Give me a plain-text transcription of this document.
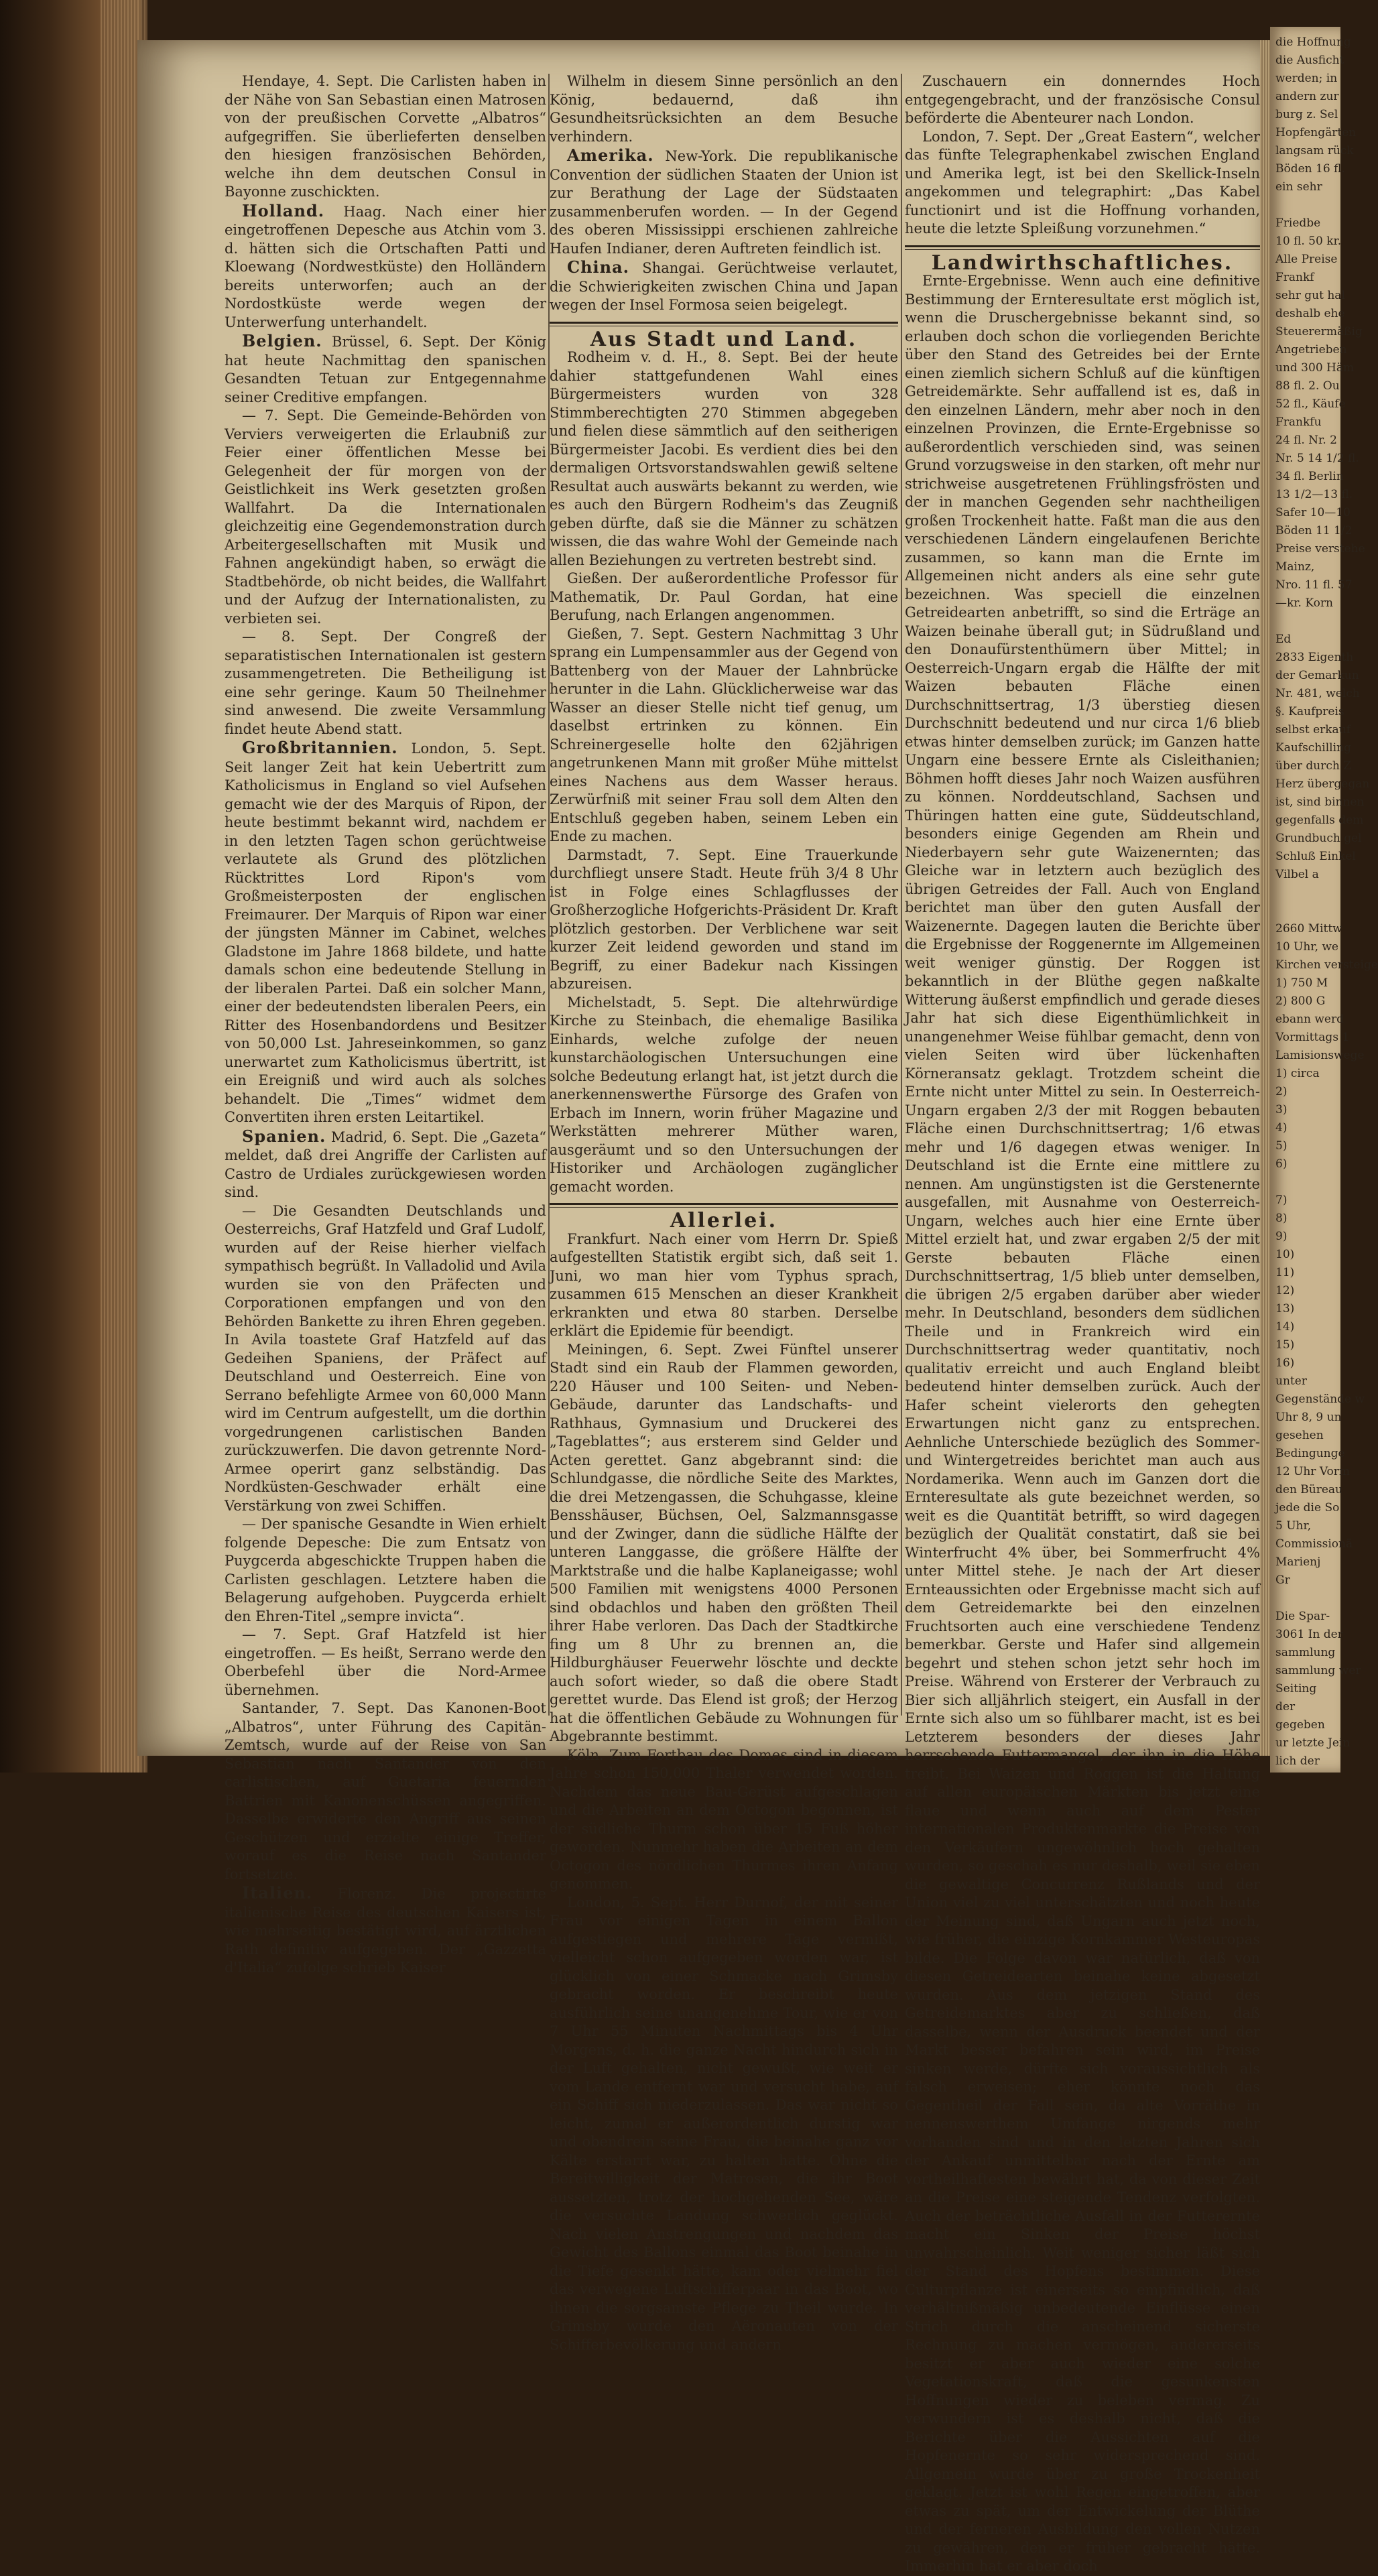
die Hoffnung
die Ausficht
werden; in
andern zur
burg z. Sel
Hopfengärten
langsam rück
Böden 16 fl.
ein sehr

Friedbe
10 fl. 50 kr.
Alle Preise
Frankf
sehr gut hal
deshalb ehe
Steuerermäßig
Angetrieben
und 300 Häm
88 fl. 2. Ou
52 fl., Käufe
Frankfu
24 fl. Nr. 2
Nr. 5 14 1/2 fl.
34 fl. Berlin
13 1/2—13 fl.
Safer 10—10
Böden 11 1/2
Preise verstehe
Mainz,
Nro. 11 fl. 57
—kr. Korn

Ed
2833 Eigenth
der Gemarkun
Nr. 481, welch
§. Kaufpreis
selbst erkauf
Kaufschilling
über durch Z
Herz übergegan
ist, sind binnen
gegenfalls dem
Grundbuch gel
Schluß Einkel
Vilbel a

2660 Mittw
10 Uhr, we
Kirchen versteige
1) 750 M
2) 800 G
ebann werd
Vormittags 1
Lamisionswege
1) circa
2)
3)
4)
5)
6)

7)
8)
9)
10)
11)
12)
13)
14)
15)
16)
unter
Gegenstände w
Uhr 8, 9 un
gesehen
Bedingunge
12 Uhr Vorm
den Büreau
jede die So
5 Uhr,
Commissionä
Marienj
Gr

Die Spar-
3061 In der
sammlung
sammlung wer
Seiting
der
gegeben
ur letzte Jein
lich der

Hendaye, 4. Sept. Die Carlisten haben in der Nähe von San Sebastian einen Matrosen von der preußischen Corvette „Albatros“ aufgegriffen. Sie überlieferten denselben den hiesigen französischen Behörden, welche ihn dem deutschen Consul in Bayonne zuschickten.

Holland. Haag. Nach einer hier eingetroffenen Depesche aus Atchin vom 3. d. hätten sich die Ortschaften Patti und Kloewang (Nordwestküste) den Holländern bereits unterworfen; auch an der Nordostküste werde wegen der Unterwerfung unterhandelt.

Belgien. Brüssel, 6. Sept. Der König hat heute Nachmittag den spanischen Gesandten Tetuan zur Entgegennahme seiner Creditive empfangen.

— 7. Sept. Die Gemeinde-Behörden von Verviers verweigerten die Erlaubniß zur Feier einer öffentlichen Messe bei Gelegenheit der für morgen von der Geistlichkeit ins Werk gesetzten großen Wallfahrt. Da die Internationalen gleichzeitig eine Gegendemonstration durch Arbeitergesellschaften mit Musik und Fahnen angekündigt haben, so erwägt die Stadtbehörde, ob nicht beides, die Wallfahrt und der Aufzug der Internationalisten, zu verbieten sei.

— 8. Sept. Der Congreß der separatistischen Internationalen ist gestern zusammengetreten. Die Betheiligung ist eine sehr geringe. Kaum 50 Theilnehmer sind anwesend. Die zweite Versammlung findet heute Abend statt.

Großbritannien. London, 5. Sept. Seit langer Zeit hat kein Uebertritt zum Katholicismus in England so viel Aufsehen gemacht wie der des Marquis of Ripon, der heute bestimmt bekannt wird, nachdem er in den letzten Tagen schon gerüchtweise verlautete als Grund des plötzlichen Rücktrittes Lord Ripon's vom Großmeisterposten der englischen Freimaurer. Der Marquis of Ripon war einer der jüngsten Männer im Cabinet, welches Gladstone im Jahre 1868 bildete, und hatte damals schon eine bedeutende Stellung in der liberalen Partei. Daß ein solcher Mann, einer der bedeutendsten liberalen Peers, ein Ritter des Hosenbandordens und Besitzer von 50,000 Lst. Jahreseinkommen, so ganz unerwartet zum Katholicismus übertritt, ist ein Ereigniß und wird auch als solches behandelt. Die „Times“ widmet dem Convertiten ihren ersten Leitartikel.

Spanien. Madrid, 6. Sept. Die „Gazeta“ meldet, daß drei Angriffe der Carlisten auf Castro de Urdiales zurückgewiesen worden sind.

— Die Gesandten Deutschlands und Oesterreichs, Graf Hatzfeld und Graf Ludolf, wurden auf der Reise hierher vielfach sympathisch begrüßt. In Valladolid und Avila wurden sie von den Präfecten und Corporationen empfangen und von den Behörden Bankette zu ihren Ehren gegeben. In Avila toastete Graf Hatzfeld auf das Gedeihen Spaniens, der Präfect auf Deutschland und Oesterreich. Eine von Serrano befehligte Armee von 60,000 Mann wird im Centrum aufgestellt, um die dorthin vorgedrungenen carlistischen Banden zurückzuwerfen. Die davon getrennte Nord-Armee operirt ganz selbständig. Das Nordküsten-Geschwader erhält eine Verstärkung von zwei Schiffen.

— Der spanische Gesandte in Wien erhielt folgende Depesche: Die zum Entsatz von Puygcerda abgeschickte Truppen haben die Carlisten geschlagen. Letztere haben die Belagerung aufgehoben. Puygcerda erhielt den Ehren-Titel „sempre invicta“.

— 7. Sept. Graf Hatzfeld ist hier eingetroffen. — Es heißt, Serrano werde den Oberbefehl über die Nord-Armee übernehmen.

Santander, 7. Sept. Das Kanonen-Boot „Albatros“, unter Führung des Capitän-Zemtsch, wurde auf der Reise von San Sebastian nach Santander von den carlistischen, auf Guetaria feuernden Battrien mit Kanonenschüssen angegriffen. Dasselbe erwiderte den Angriff aus seinen Geschützen und erzielte einige Treffer, worauf es die Reise nach Santander fortsetzte.

Italien. Florenz. Die projectirte italienische Reise des deutschen Kaisers ist, wie mehrseitig bestätigt wird, auf ärztlichen Rath definitiv aufgegeben. Der „Gazzetta d'Italia“ zufolge schrieb Kaiser

Wilhelm in diesem Sinne persönlich an den König, bedauernd, daß ihn Gesundheitsrücksichten an dem Besuche verhindern.

Amerika. New-York. Die republikanische Convention der südlichen Staaten der Union ist zur Berathung der Lage der Südstaaten zusammenberufen worden. — In der Gegend des oberen Mississippi erschienen zahlreiche Haufen Indianer, deren Auftreten feindlich ist.

China. Shangai. Gerüchtweise verlautet, die Schwierigkeiten zwischen China und Japan wegen der Insel Formosa seien beigelegt.

Aus Stadt und Land.

Rodheim v. d. H., 8. Sept. Bei der heute dahier stattgefundenen Wahl eines Bürgermeisters wurden von 328 Stimmberechtigten 270 Stimmen abgegeben und fielen diese sämmtlich auf den seitherigen Bürgermeister Jacobi. Es verdient dies bei den dermaligen Ortsvorstandswahlen gewiß seltene Resultat auch auswärts bekannt zu werden, wie es auch den Bürgern Rodheim's das Zeugniß geben dürfte, daß sie die Männer zu schätzen wissen, die das wahre Wohl der Gemeinde nach allen Beziehungen zu vertreten bestrebt sind.

Gießen. Der außerordentliche Professor für Mathematik, Dr. Paul Gordan, hat eine Berufung, nach Erlangen angenommen.

Gießen, 7. Sept. Gestern Nachmittag 3 Uhr sprang ein Lumpensammler aus der Gegend von Battenberg von der Mauer der Lahnbrücke herunter in die Lahn. Glücklicherweise war das Wasser an dieser Stelle nicht tief genug, um daselbst ertrinken zu können. Ein Schreinergeselle holte den 62jährigen angetrunkenen Mann mit großer Mühe mittelst eines Nachens aus dem Wasser heraus. Zerwürfniß mit seiner Frau soll dem Alten den Entschluß gegeben haben, seinem Leben ein Ende zu machen.

Darmstadt, 7. Sept. Eine Trauerkunde durchfliegt unsere Stadt. Heute früh 3/4 8 Uhr ist in Folge eines Schlagflusses der Großherzogliche Hofgerichts-Präsident Dr. Kraft plötzlich gestorben. Der Verblichene war seit kurzer Zeit leidend geworden und stand im Begriff, zu einer Badekur nach Kissingen abzureisen.

Michelstadt, 5. Sept. Die altehrwürdige Kirche zu Steinbach, die ehemalige Basilika Einhards, welche zufolge der neuen kunstarchäologischen Untersuchungen eine solche Bedeutung erlangt hat, ist jetzt durch die anerkennenswerthe Fürsorge des Grafen von Erbach im Innern, worin früher Magazine und Werkstätten mehrerer Müther waren, ausgeräumt und so den Untersuchungen der Historiker und Archäologen zugänglicher gemacht worden.

Allerlei.

Frankfurt. Nach einer vom Herrn Dr. Spieß aufgestellten Statistik ergibt sich, daß seit 1. Juni, wo man hier vom Typhus sprach, zusammen 615 Menschen an dieser Krankheit erkrankten und etwa 80 starben. Derselbe erklärt die Epidemie für beendigt.

Meiningen, 6. Sept. Zwei Fünftel unserer Stadt sind ein Raub der Flammen geworden, 220 Häuser und 100 Seiten- und Neben-Gebäude, darunter das Landschafts- und Rathhaus, Gymnasium und Druckerei des „Tageblattes“; aus ersterem sind Gelder und Acten gerettet. Ganz abgebrannt sind: die Schlundgasse, die nördliche Seite des Marktes, die drei Metzengassen, die Schuhgasse, kleine Bensshäuser, Büchsen, Oel, Salzmannsgasse und der Zwinger, dann die südliche Hälfte der unteren Langgasse, die größere Hälfte der Marktstraße und die halbe Kaplaneigasse; wohl 500 Familien mit wenigstens 4000 Personen sind obdachlos und haben den größten Theil ihrer Habe verloren. Das Dach der Stadtkirche fing um 8 Uhr zu brennen an, die Hildburghäuser Feuerwehr löschte und deckte auch sofort wieder, so daß die obere Stadt gerettet wurde. Das Elend ist groß; der Herzog hat die öffentlichen Gebäude zu Wohnungen für Abgebrannte bestimmt.

Köln. Zum Fortbau des Domes sind in diesem Jahre schon 150,000 Thaler verwendet worden. Nachdem das neue Bau-Gerüst aufgeschlagen und die Arbeiten an dem Octogon begonnen, ist der südliche Thurm schon über 15 Fuß höher geworden. Nunmehr haben die Arbeiten an dem Octogon des nördlichen Thurmes ihren Anfang genommen.

London, 5. Sept. Herr Durnof, der mit seiner Frau vor einigen Tagen in einem Ballon aufgestiegen und mehrere Tage vermißt, vielleicht schon aufgegeben worden war, ist glücklich von einer Schmacke nach Grimsby gebracht worden. Er beschreibt heute ausführlich seine unangenehme Tour, wie er von 7 Uhr 55 Minuten Nachmittags bis 4 Uhr Morgens, d. h. die ganze Nacht hindurch sich in der Luft gehalten, nicht gewußt, wie weit er vom Lande entfernt war und versucht habe, auf ein Schiff sich niederzulassen. Das war nicht so leicht, zumal er außerordentlich durstig war und obendrein seine Frau, die beinahe ganz vor Kälte erstarrt war, zu halten hatte. Ohne die Bereitwilligkeit der Matrosen, die ihr Boot aussetzten, trotz der hochgehenden See, wäre die versuchte Landung schwerlich geglückt. Nach vielen Anstrengungen und nachdem das Gewicht des Ballons einmal das Boot beinahe in die Tiefe gesenkt hätte, kam oder vielmehr fiel das verwegene Luftschifferpaar in das Boot, wo ihnen die sorgsamste Pflege zu Theil wurde. In Grimsby wurde den Aëronauten von der Schifferbevölkerung und andern

Zuschauern ein donnerndes Hoch entgegengebracht, und der französische Consul beförderte die Abenteurer nach London.

London, 7. Sept. Der „Great Eastern“, welcher das fünfte Telegraphenkabel zwischen England und Amerika legt, ist bei den Skellick-Inseln angekommen und telegraphirt: „Das Kabel functionirt und ist die Hoffnung vorhanden, heute die letzte Spleißung vorzunehmen.“

Landwirthschaftliches.

Ernte-Ergebnisse. Wenn auch eine definitive Bestimmung der Ernteresultate erst möglich ist, wenn die Druschergebnisse bekannt sind, so erlauben doch schon die vorliegenden Berichte über den Stand des Getreides bei der Ernte einen ziemlich sichern Schluß auf die künftigen Getreidemärkte. Sehr auffallend ist es, daß in den einzelnen Ländern, mehr aber noch in den einzelnen Provinzen, die Ernte-Ergebnisse so außerordentlich verschieden sind, was seinen Grund vorzugsweise in den starken, oft mehr nur strichweise ausgetretenen Frühlingsfrösten und der in manchen Gegenden sehr nachtheiligen großen Trockenheit hatte. Faßt man die aus den verschiedenen Ländern eingelaufenen Berichte zusammen, so kann man die Ernte im Allgemeinen nicht anders als eine sehr gute bezeichnen. Was speciell die einzelnen Getreidearten anbetrifft, so sind die Erträge an Waizen beinahe überall gut; in Südrußland und den Donaufürstenthümern über Mittel; in Oesterreich-Ungarn ergab die Hälfte der mit Waizen bebauten Fläche einen Durchschnittsertrag, 1/3 überstieg diesen Durchschnitt bedeutend und nur circa 1/6 blieb etwas hinter demselben zurück; im Ganzen hatte Ungarn eine bessere Ernte als Cisleithanien; Böhmen hofft dieses Jahr noch Waizen ausführen zu können. Norddeutschland, Sachsen und Thüringen hatten eine gute, Süddeutschland, besonders einige Gegenden am Rhein und Niederbayern sehr gute Waizenernten; das Gleiche war in letztern auch bezüglich des übrigen Getreides der Fall. Auch von England berichtet man über den guten Ausfall der Waizenernte. Dagegen lauten die Berichte über die Ergebnisse der Roggenernte im Allgemeinen weit weniger günstig. Der Roggen ist bekanntlich in der Blüthe gegen naßkalte Witterung äußerst empfindlich und gerade dieses Jahr hat sich diese Eigenthümlichkeit in unangenehmer Weise fühlbar gemacht, denn von vielen Seiten wird über lückenhaften Körneransatz geklagt. Trotzdem scheint die Ernte nicht unter Mittel zu sein. In Oesterreich-Ungarn ergaben 2/3 der mit Roggen bebauten Fläche einen Durchschnittsertrag; 1/6 etwas mehr und 1/6 dagegen etwas weniger. In Deutschland ist die Ernte eine mittlere zu nennen. Am ungünstigsten ist die Gerstenernte ausgefallen, mit Ausnahme von Oesterreich-Ungarn, welches auch hier eine Ernte über Mittel erzielt hat, und zwar ergaben 2/5 der mit Gerste bebauten Fläche einen Durchschnittsertrag, 1/5 blieb unter demselben, die übrigen 2/5 ergaben darüber aber wieder mehr. In Deutschland, besonders dem südlichen Theile und in Frankreich wird ein Durchschnittsertrag weder quantitativ, noch qualitativ erreicht und auch England bleibt bedeutend hinter demselben zurück. Auch der Hafer scheint vielerorts den gehegten Erwartungen nicht ganz zu entsprechen. Aehnliche Unterschiede bezüglich des Sommer- und Wintergetreides berichtet man auch aus Nordamerika. Wenn auch im Ganzen dort die Ernteresultate als gute bezeichnet werden, so weit es die Quantität betrifft, so wird dagegen bezüglich der Qualität constatirt, daß sie bei Winterfrucht 4% über, bei Sommerfrucht 4% unter Mittel stehe. Je nach der Art dieser Ernteaussichten oder Ergebnisse macht sich auf dem Getreidemarkte bei den einzelnen Fruchtsorten auch eine verschiedene Tendenz bemerkbar. Gerste und Hafer sind allgemein begehrt und stehen schon jetzt sehr hoch im Preise. Während von Ersterer der Verbrauch zu Bier sich alljährlich steigert, ein Ausfall in der Ernte sich also um so fühlbarer macht, ist es bei Letzterem besonders der dieses Jahr herrschende Futtermangel, der ihn in die Höhe treibt. Bei Waizen und Roggen ist die Haltung auf allen europäischen Märkten bis jetzt eine flaue und wenn auch auf dem Pester internationalen Produktenmarkte die Preise von den Verkäufern ungewöhnlich hoch gehalten wurden, so geschah es nur deshalb, weil sie eben die gewaltige Concurrenz Rußlands und der Union viel zu viel unterschätzten und noch heute der Meinung sind, daß Ungarn auch jetzt noch, wie früher, die einzige Kornkammer Westeuropas bilde. Die Folge davon war natürlich, daß von diesen Getreidearten beinahe keine abgesetzt wurden. Aus dem jetzigen Stand des Getreidemarktes aber zu schließen, daß dasselbe, wenn der Ausdruck beendet und der Markt besser befahren sein wird, im Preise sinken werde, dürfte sich voraussichtlich als falsch erweisen; eher könnte noch das Gegentheil der Fall sein, da alte Vorräthe in nennenswerthem Umfange nirgends mehr vorhanden sind und in den letzten Jahren sich der Ankauf unmittelbar nach der Ernte am vortheilhaftesten bewährt hat, da von dieser Zeit an die Preise eine steigende Tendenz verfolgten. Auch der beträchtliche Ausfall in der Futterernte macht ein Sinken der Preise höchst unwahrscheinlich. Weit weniger sicher läßt sich der Stand des Hopfens bestimmen. Diese Culturpflanze ist einerseits so empfindlich, daß verhältnißmäßig unbedeutende Einflüsse einen Strich durch die anscheinend sicherste Rechnung zu machen vermögen, andererseits besitzt er aber auch wieder eine solche Vegetationskraft, daß die gesunkensten Hoffnungen wieder zu beleben vermag. Zu verwundern ist es deshalb nicht, daß die Berichte über die Aussichten auf die Hopfenernte so sehr widersprechend sind. Allgemein wurde über zu große Trockenheit geklagt. Jetzt ist wohl Regen eingetroffen, aber etwas zu spät, um der Entwickelung der Blüthe und der ferneren Ausbildung den vollen Nutzen zu gewähren, den er früher gebracht hätte. Immerhin hat er aber doch
